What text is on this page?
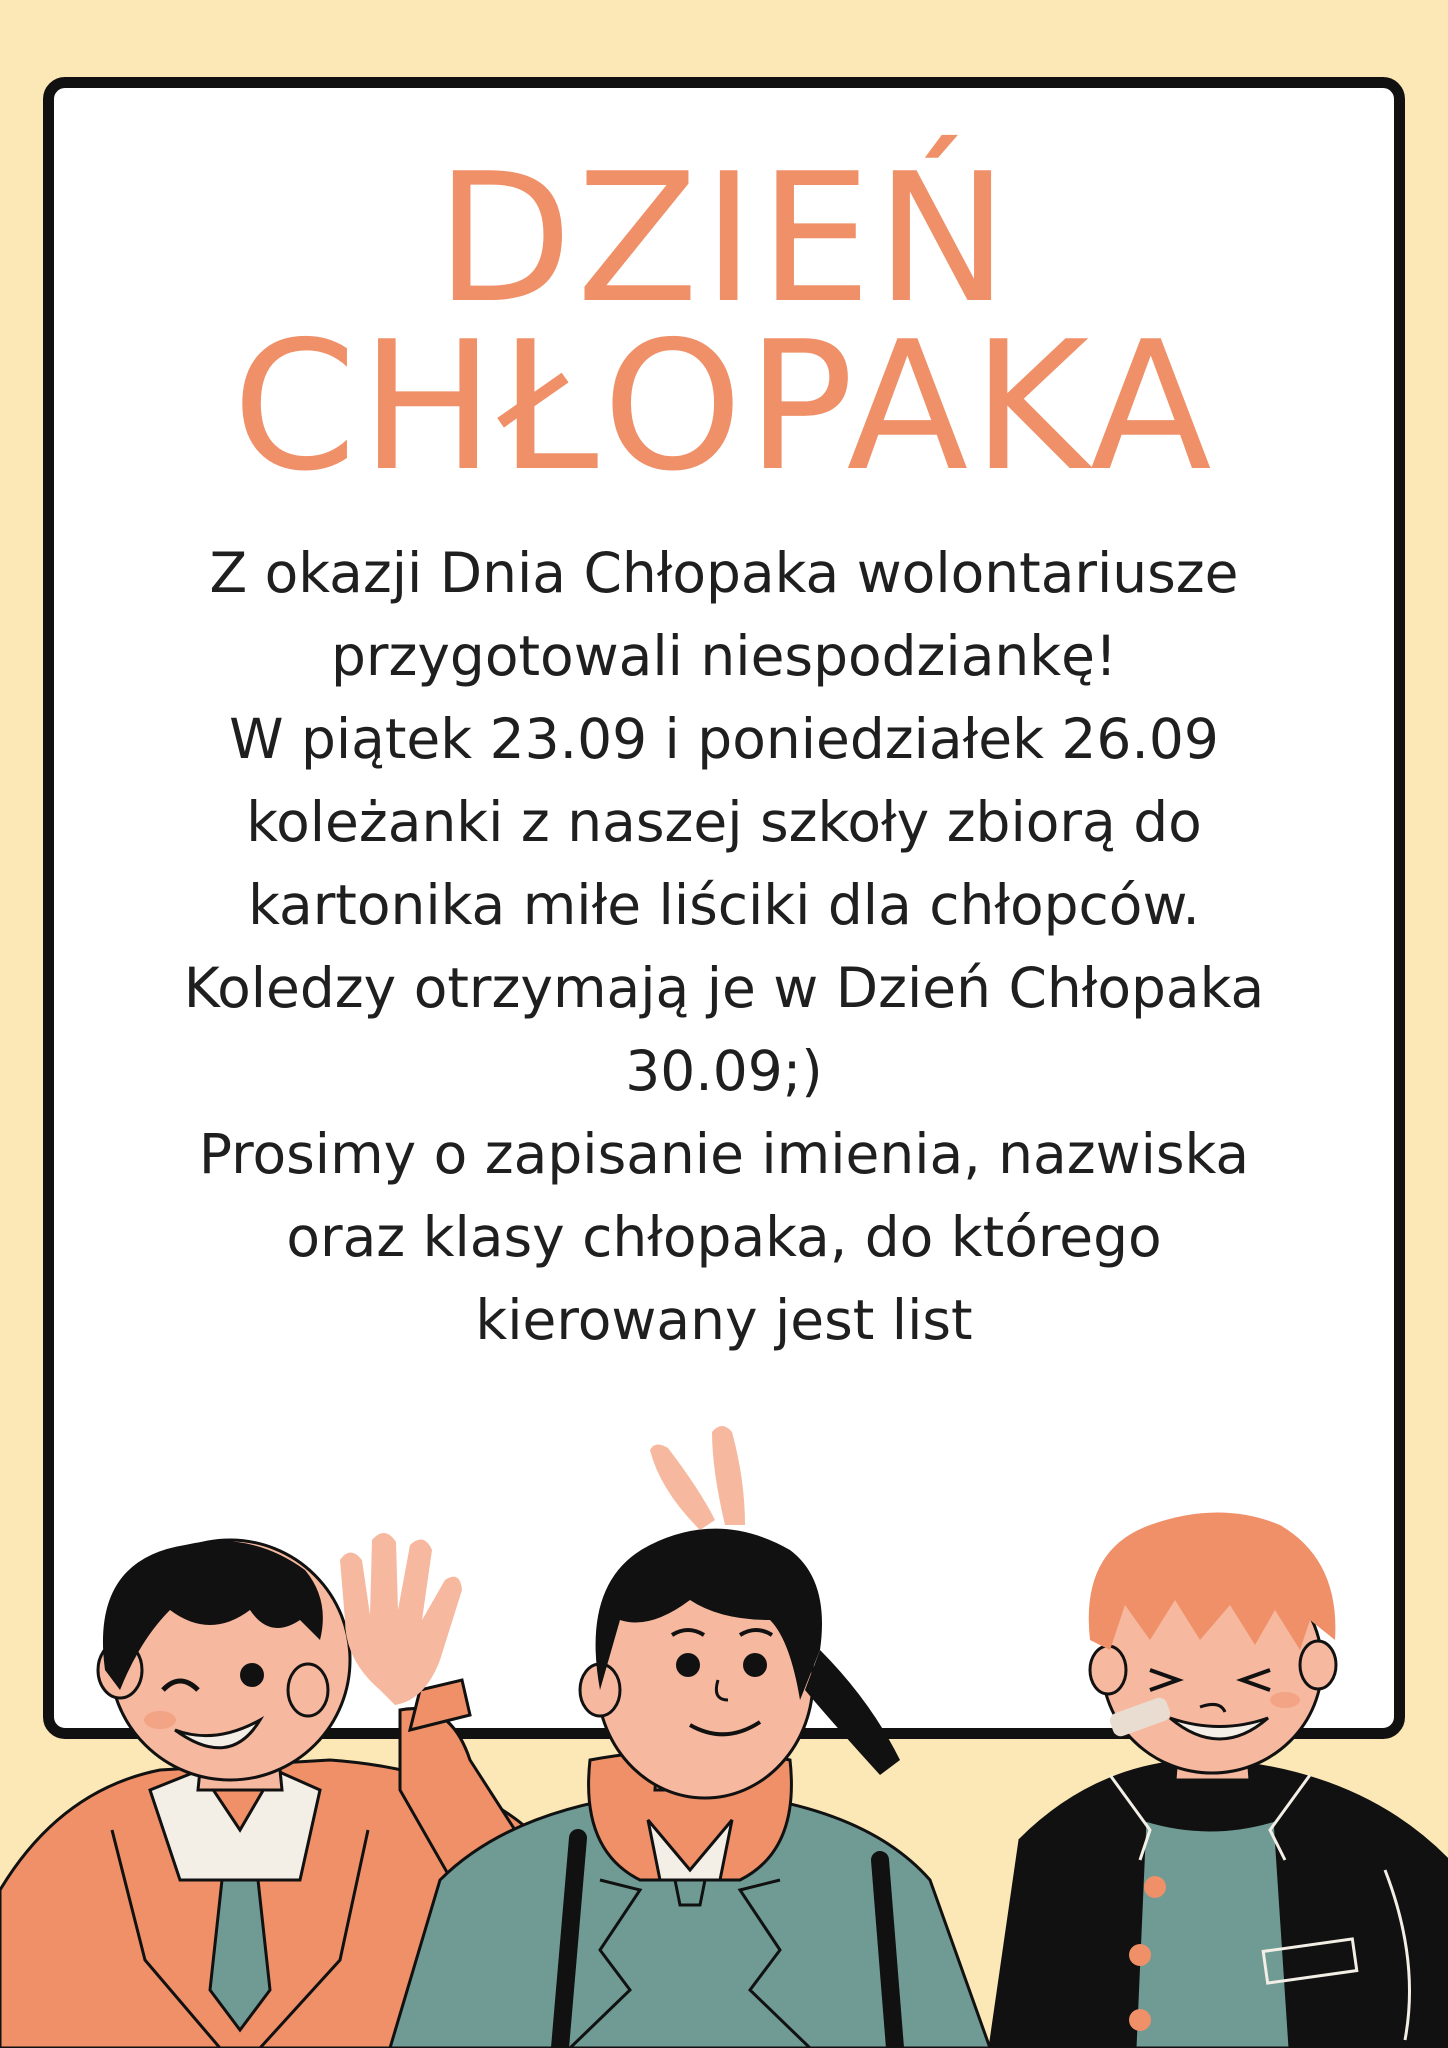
DZIEŃ
CHŁOPAKA

Z okazji Dnia Chłopaka wolontariusze przygotowali niespodziankę!

W piątek 23.09 i poniedziałek 26.09 koleżanki z naszej szkoły zbiorą do kartonika miłe liściki dla chłopców. Koledzy otrzymają je w Dzień Chłopaka 30.09;)

Prosimy o zapisanie imienia, nazwiska oraz klasy chłopaka, do którego kierowany jest list
